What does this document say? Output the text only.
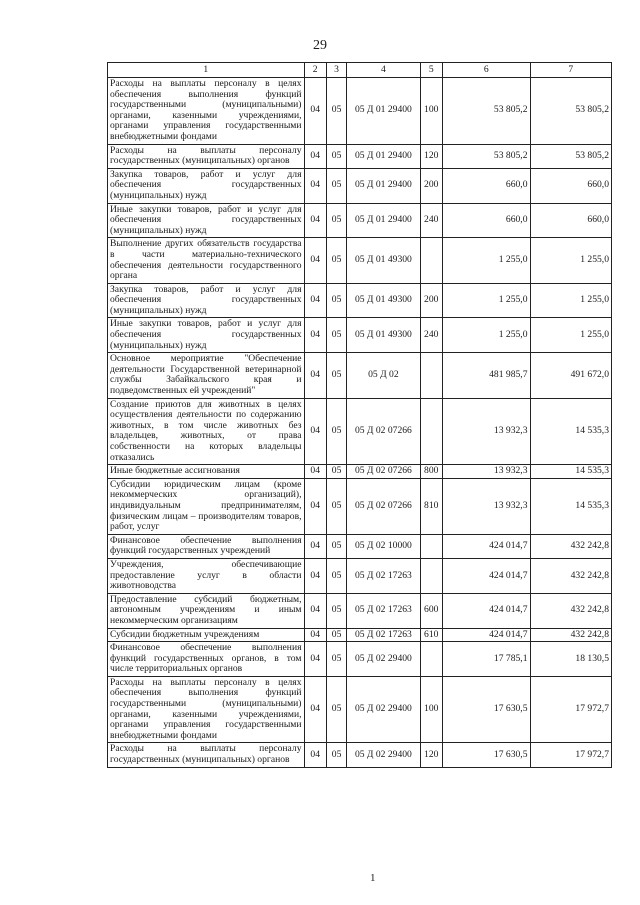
29
1	2	3	4	5	6	7
Расходы на выплаты персоналу в целях обеспечения выполнения функций государственными (муниципальными) органами, казенными учреждениями, органами управления государственными внебюджетными фондами	04	05	05 Д 01 29400	100	53 805,2	53 805,2
Расходы на выплаты персоналу государственных (муниципальных) органов	04	05	05 Д 01 29400	120	53 805,2	53 805,2
Закупка товаров, работ и услуг для обеспечения государственных (муниципальных) нужд	04	05	05 Д 01 29400	200	660,0	660,0
Иные закупки товаров, работ и услуг для обеспечения государственных (муниципальных) нужд	04	05	05 Д 01 29400	240	660,0	660,0
Выполнение других обязательств государства в части материально-технического обеспечения деятельности государственного органа	04	05	05 Д 01 49300		1 255,0	1 255,0
Закупка товаров, работ и услуг для обеспечения государственных (муниципальных) нужд	04	05	05 Д 01 49300	200	1 255,0	1 255,0
Иные закупки товаров, работ и услуг для обеспечения государственных (муниципальных) нужд	04	05	05 Д 01 49300	240	1 255,0	1 255,0
Основное мероприятие "Обеспечение деятельности Государственной ветеринарной службы Забайкальского края и подведомственных ей учреждений"	04	05	05 Д 02		481 985,7	491 672,0
Создание приютов для животных в целях осуществления деятельности по содержанию животных, в том числе животных без владельцев, животных, от права собственности на которых владельцы отказались	04	05	05 Д 02 07266		13 932,3	14 535,3
Иные бюджетные ассигнования	04	05	05 Д 02 07266	800	13 932,3	14 535,3
Субсидии юридическим лицам (кроме некоммерческих организаций), индивидуальным предпринимателям, физическим лицам – производителям товаров, работ, услуг	04	05	05 Д 02 07266	810	13 932,3	14 535,3
Финансовое обеспечение выполнения функций государственных учреждений	04	05	05 Д 02 10000		424 014,7	432 242,8
Учреждения, обеспечивающие предоставление услуг в области животноводства	04	05	05 Д 02 17263		424 014,7	432 242,8
Предоставление субсидий бюджетным, автономным учреждениям и иным некоммерческим организациям	04	05	05 Д 02 17263	600	424 014,7	432 242,8
Субсидии бюджетным учреждениям	04	05	05 Д 02 17263	610	424 014,7	432 242,8
Финансовое обеспечение выполнения функций государственных органов, в том числе территориальных органов	04	05	05 Д 02 29400		17 785,1	18 130,5
Расходы на выплаты персоналу в целях обеспечения выполнения функций государственными (муниципальными) органами, казенными учреждениями, органами управления государственными внебюджетными фондами	04	05	05 Д 02 29400	100	17 630,5	17 972,7
Расходы на выплаты персоналу государственных (муниципальных) органов	04	05	05 Д 02 29400	120	17 630,5	17 972,7
1
